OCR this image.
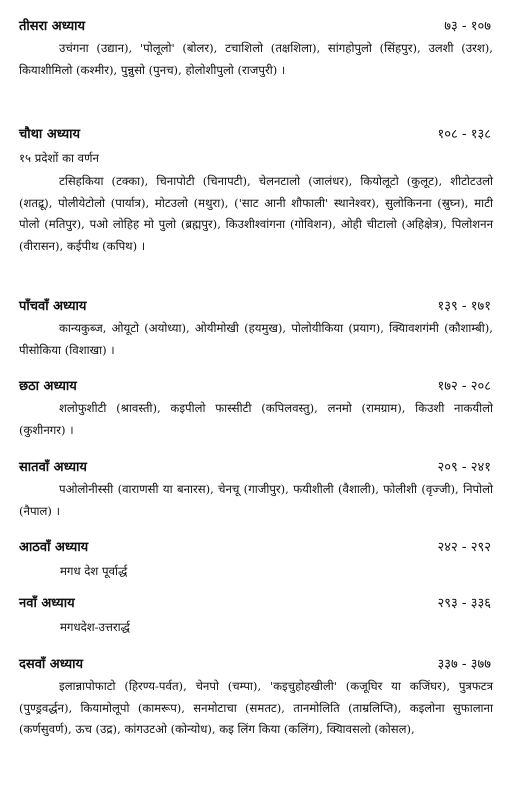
तीसरा अध्याय	७३ - १०७

उचंगना (उद्यान), 'पोलूलो' (बोलर), टचाशिलो (तक्षशिला), सांगहोपुलो (सिंहपुर), उलशी (उरश), कियाशीमिलो (कश्मीर), पुन्नुसो (पुनच), होलोशीपुलो (राजपुरी) ।

चौथा अध्याय	१०८ - १३८
१५ प्रदेशों का वर्णन

टसिहकिया (टक्का), चिनापोटी (चिनापटी), चेलनटालो (जालंधर), कियोलूटो (कुलूट), शीटोटउलो (शतद्रू), पोलीयेटोलो (पार्यात्र), मोटउलो (मथुरा), ('साट आनी शौफाली' स्थानेश्वर), सुलोकिनना (स्रुघ्न), माटी पोलो (मतिपुर), पओ लोहिह मो पुलो (ब्रह्मपुर), किउशीश्वांगना (गोविशन), ओही चीटालो (अहिक्षेत्र), पिलोशनन (वीरासन), कईपीथ (कपिथ) ।

पाँचवाँ अध्याय	१३९ - १७१

कान्यकुब्ज, ओयूटो (अयोध्या), ओयीमोखी (हयमुख), पोलोयीकिया (प्रयाग), क्यिावशगंमी (कौशाम्बी), पीसोकिया (विशाखा) ।

छठा अध्याय	१७२ - २०८

शलोफुशीटी (श्रावस्ती), कइपीलो फास्सीटी (कपिलवस्तु), लनमो (रामग्राम), किउशी नाकयीलो (कुशीनगर) ।

सातवाँ अध्याय	२०९ - २४१

पओलोनीस्सी (वाराणसी या बनारस), चेनचू (गाजीपुर), फयीशीली (वैशाली), फोलीशी (वृज्जी), निपोलो (नैपाल) ।

आठवाँ अध्याय	२४२ - २९२
मगध देश पूर्वार्द्ध
नवाँ अध्याय	२९३ - ३३६
मगधदेश-उत्तरार्द्ध
दसवाँ अध्याय	३३७ - ३७७

इलान्नापोफाटो (हिरण्य-पर्वत), चेनपो (चम्पा), 'कइचुहोहखीली' (कजूघिर या कजिंघर), पुत्रफटत्र (पुण्ड्रवर्द्धन), कियामोलूपो (कामरूप), सनमोटाचा (समतट), तानमोलिति (ताम्रलिप्ति), कइलोना सुफालाना (कर्णसुवर्ण), ऊच (उद्र), कांगउटओ (कोन्योध), कइ लिंग किया (कलिंग), क्यिावसलो (कोसल),
